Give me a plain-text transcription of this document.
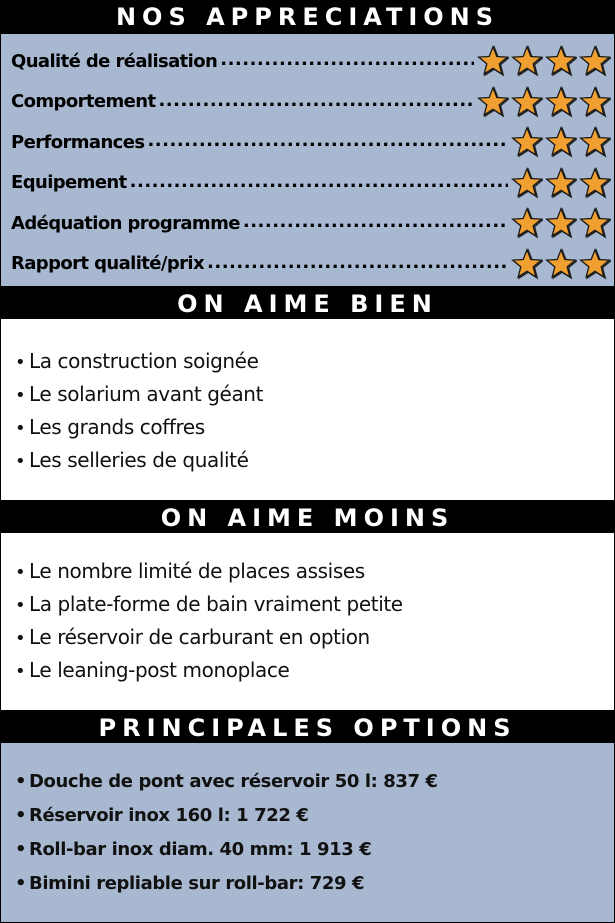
NOS APPRECIATIONS
Qualité de réalisation
.....
Comportement
.....
Performances
.....
Equipement
.....
Adéquation programme
.....
Rapport qualité/prix
.....
ON AIME BIEN
• La construction soignée
• Le solarium avant géant
• Les grands coffres
• Les selleries de qualité
ON AIME MOINS
• Le nombre limité de places assises
• La plate-forme de bain vraiment petite
• Le réservoir de carburant en option
• Le leaning-post monoplace
PRINCIPALES OPTIONS
• Douche de pont avec réservoir 50 l: 837 €
• Réservoir inox 160 l: 1 722 €
• Roll-bar inox diam. 40 mm: 1 913 €
• Bimini repliable sur roll-bar: 729 €
